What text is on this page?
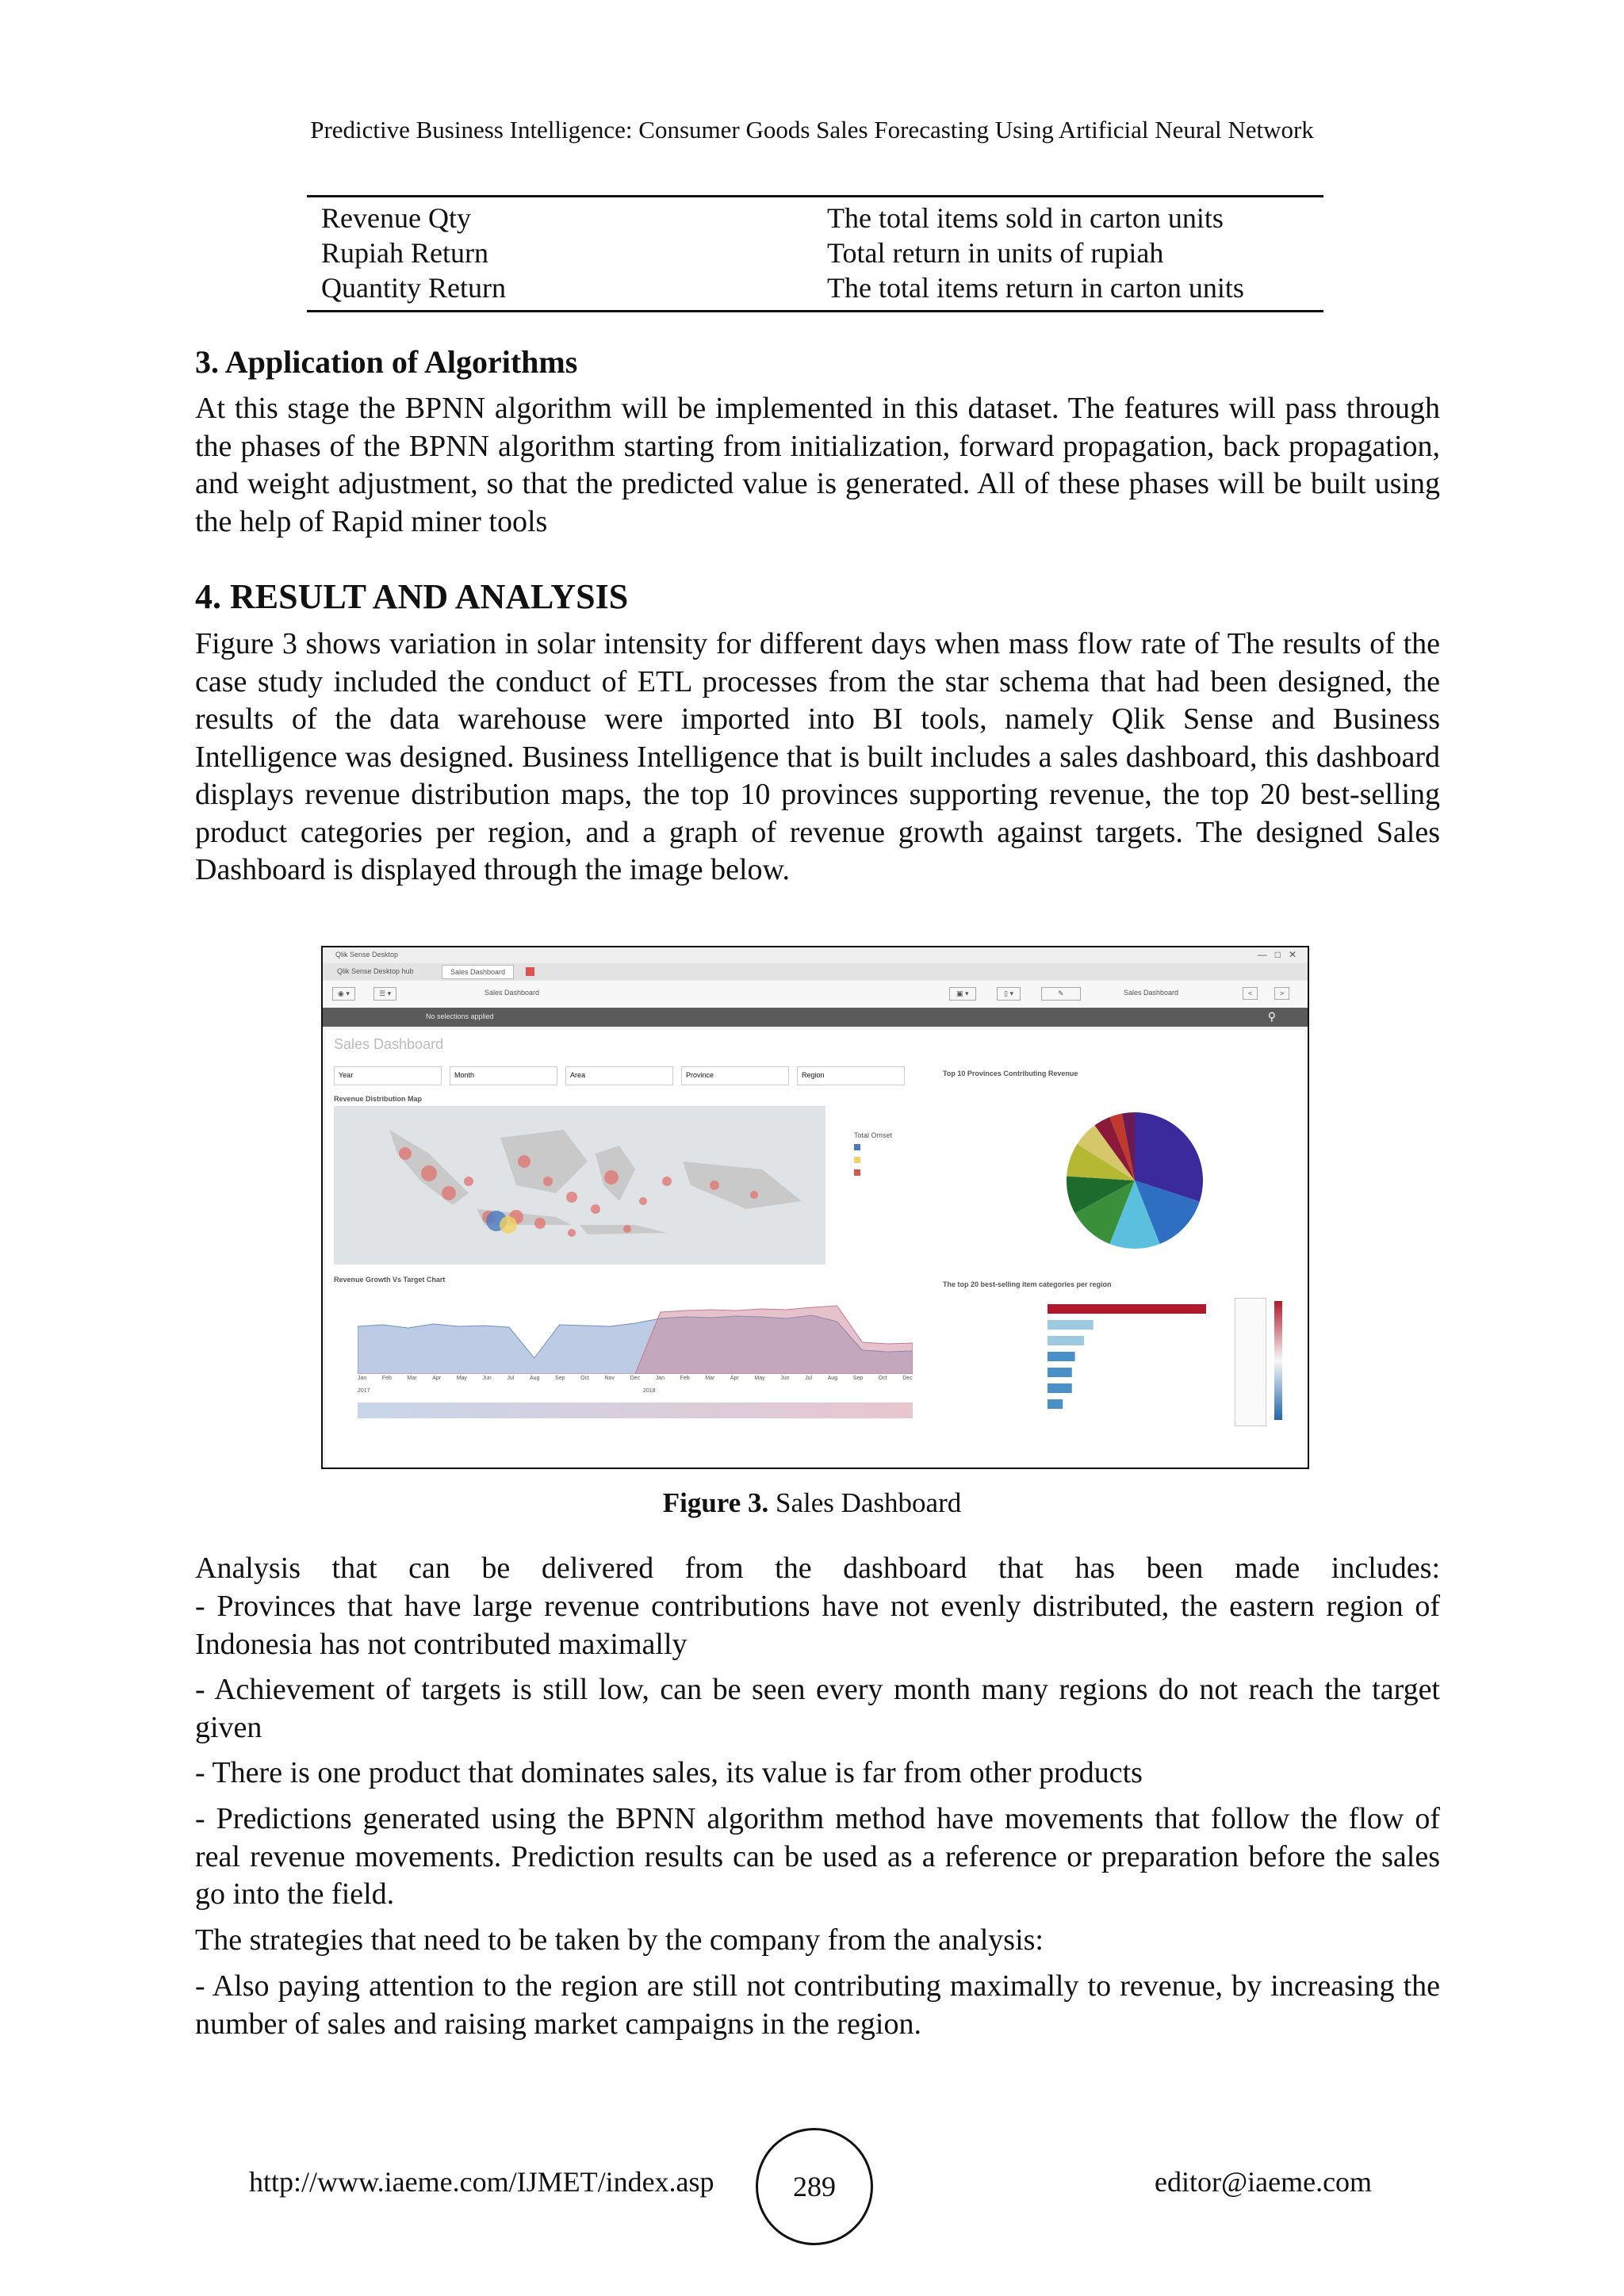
Predictive Business Intelligence: Consumer Goods Sales Forecasting Using Artificial Neural Network
Revenue Qty	The total items sold in carton units
Rupiah Return	Total return in units of rupiah
Quantity Return	The total items return in carton units
3. Application of Algorithms

At this stage the BPNN algorithm will be implemented in this dataset. The features will pass through the phases of the BPNN algorithm starting from initialization, forward propagation, back propagation, and weight adjustment, so that the predicted value is generated. All of these phases will be built using the help of Rapid miner tools

4. RESULT AND ANALYSIS

Figure 3 shows variation in solar intensity for different days when mass flow rate of The results of the case study included the conduct of ETL processes from the star schema that had been designed, the results of the data warehouse were imported into BI tools, namely Qlik Sense and Business Intelligence was designed. Business Intelligence that is built includes a sales dashboard, this dashboard displays revenue distribution maps, the top 10 provinces supporting revenue, the top 20 best-selling product categories per region, and a graph of revenue growth against targets. The designed Sales Dashboard is displayed through the image below.

Qlik Sense Desktop	—   □   ✕
Qlik Sense Desktop hub	Sales Dashboard
◉ ▾	☰ ▾	Sales Dashboard	▣ ▾	▯ ▾	✎	Sales Dashboard	<	>
No selections applied	⚲
Sales Dashboard
Year	Month	Area	Province	Region
Revenue Distribution Map
Total Omset
Top 10 Provinces Contributing Revenue
The top 20 best-selling item categories per region
Revenue Growth Vs Target Chart
Jan	Feb	Mar	Apr	May	Jun	Jul	Aug	Sep	Oct	Nov	Dec	Jan	Feb	Mar	Apr	May	Jun	Jul	Aug	Sep	Oct	Dec
2017	2018
Figure 3. Sales Dashboard

Analysis that can be delivered from the dashboard that has been made includes:

- Provinces that have large revenue contributions have not evenly distributed, the eastern region of Indonesia has not contributed maximally

- Achievement of targets is still low, can be seen every month many regions do not reach the target given

- There is one product that dominates sales, its value is far from other products

- Predictions generated using the BPNN algorithm method have movements that follow the flow of real revenue movements. Prediction results can be used as a reference or preparation before the sales go into the field.

The strategies that need to be taken by the company from the analysis:

- Also paying attention to the region are still not contributing maximally to revenue, by increasing the number of sales and raising market campaigns in the region.

http://www.iaeme.com/IJMET/index.asp	289	editor@iaeme.com
